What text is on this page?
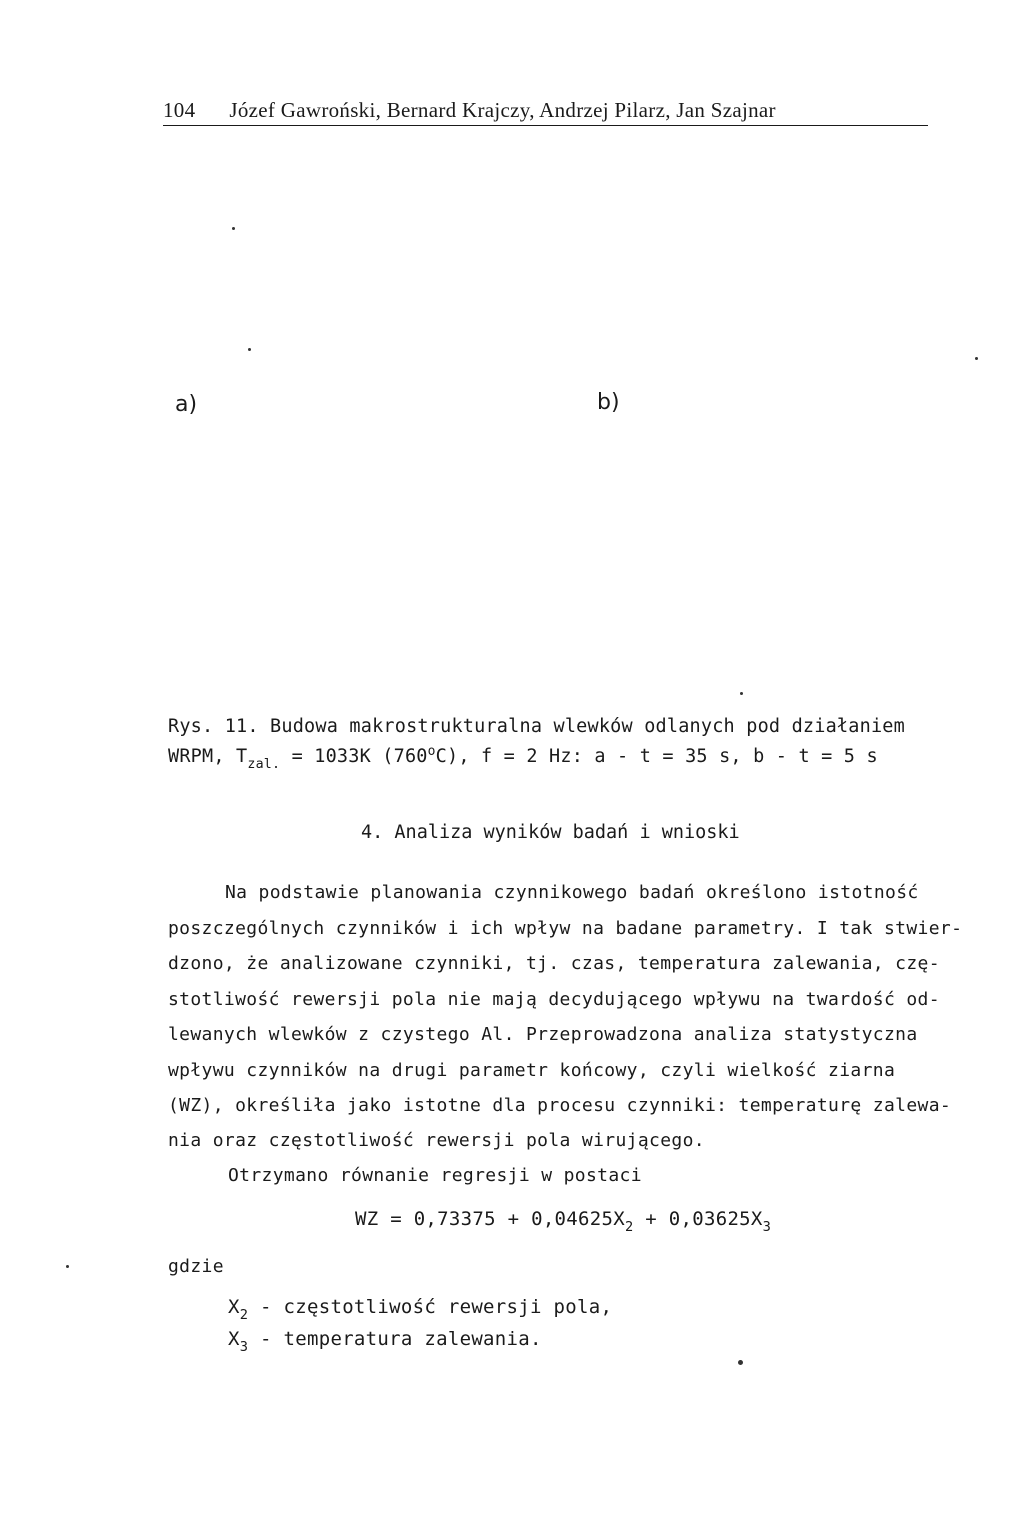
104 Józef Gawroński, Bernard Krajczy, Andrzej Pilarz, Jan Szajnar
a)	b)
Rys. 11. Budowa makrostrukturalna wlewków odlanych pod działaniem
WRPM, $T_{zal.} = 1033K$ (760$^o$C), f = 2 Hz: a - t = 35 s, b - t = 5 s
4. Analiza wyników badań i wnioski
Na podstawie planowania czynnikowego badań określono istotność
poszczególnych czynników i ich wpływ na badane parametry. I tak stwier-
dzono, że analizowane czynniki, tj. czas, temperatura zalewania, czę-
stotliwość rewersji pola nie mają decydującego wpływu na twardość od-
lewanych wlewków z czystego Al. Przeprowadzona analiza statystyczna
wpływu czynników na drugi parametr końcowy, czyli wielkość ziarna
(WZ), określiła jako istotne dla procesu czynniki: temperaturę zalewa-
nia oraz częstotliwość rewersji pola wirującego.
Otrzymano równanie regresji w postaci
WZ = $0,73375 + 0,04625X_2 + 0,03625X_3$
gdzie
$X_2$ - częstotliwość rewersji pola,
$X_3$ - temperatura zalewania.
